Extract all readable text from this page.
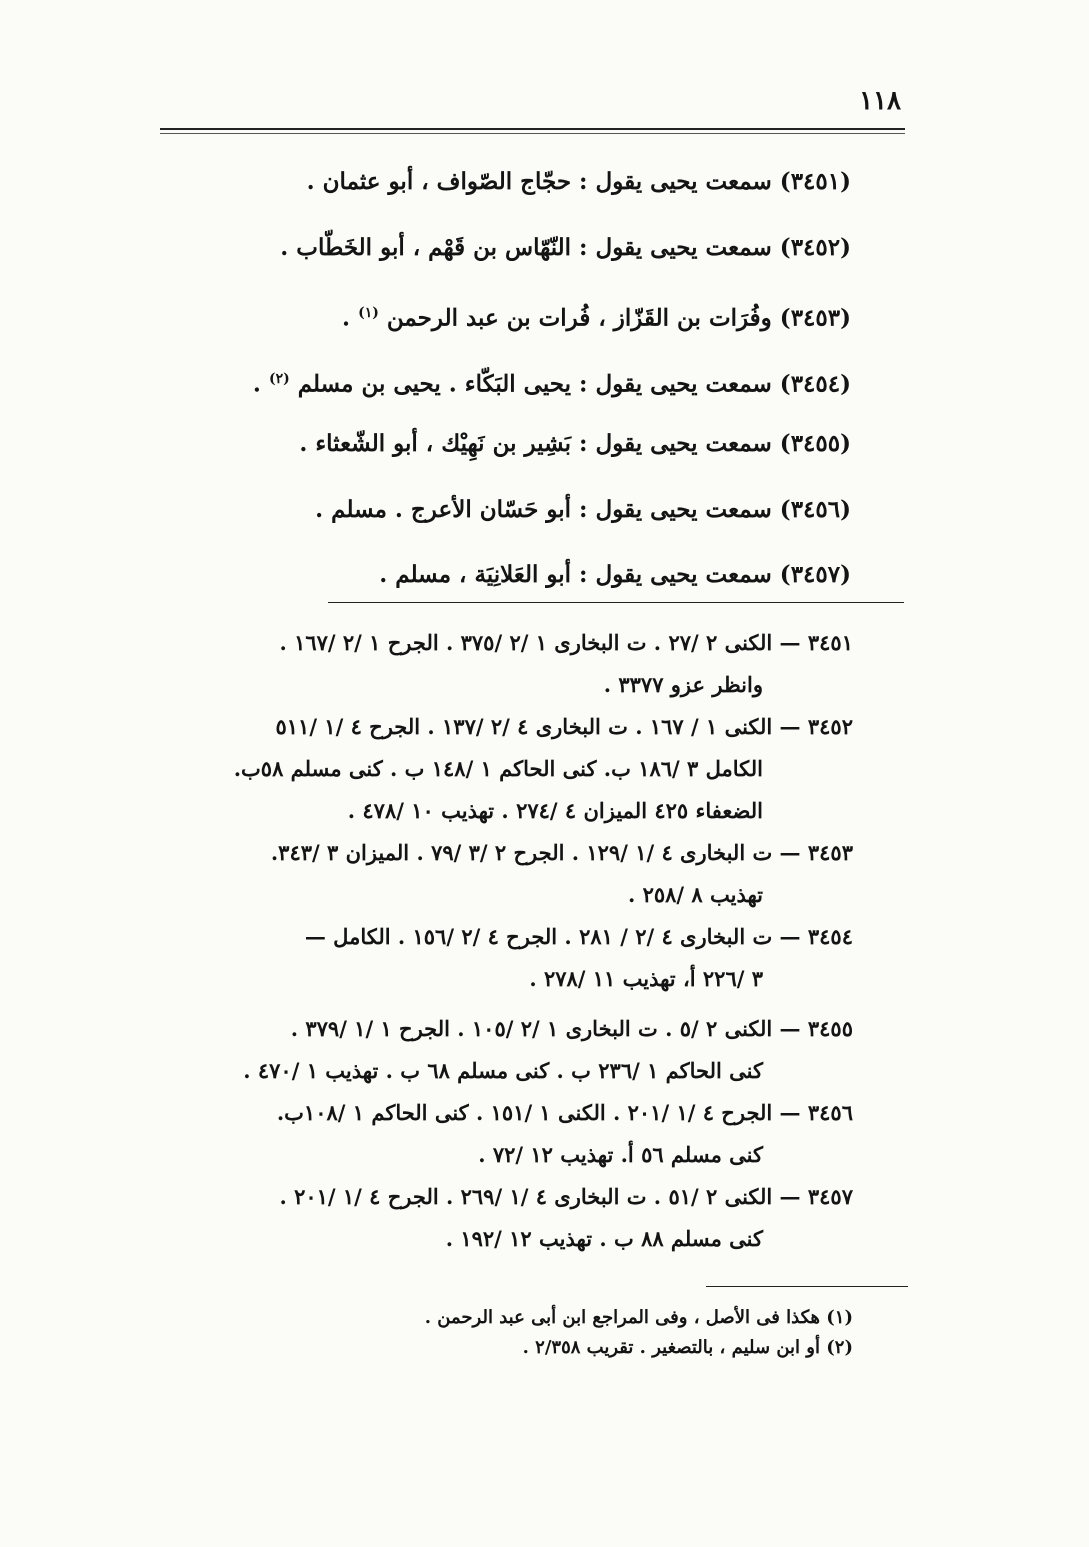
١١٨
(٣٤٥١) سمعت يحيى يقول : حجّاج الصّواف ، أبو عثمان .
(٣٤٥٢) سمعت يحيى يقول : النّهّاس بن قَهْم ، أبو الخَطّاب .
(٣٤٥٣) وفُرَات بن القَزّاز ، فُرات بن عبد الرحمن $^{(١)}$ .
(٣٤٥٤) سمعت يحيى يقول : يحيى البَكّاء . يحيى بن مسلم $^{(٢)}$ .
(٣٤٥٥) سمعت يحيى يقول : بَشِير بن نَهِيْك ، أبو الشّعثاء .
(٣٤٥٦) سمعت يحيى يقول : أبو حَسّان الأعرج . مسلم .
(٣٤٥٧) سمعت يحيى يقول : أبو العَلانِيَة ، مسلم .
٣٤٥١ — الكنى ٢ /٢٧ . ت البخارى ١ /٢ /٣٧٥ . الجرح ١ /٢ /١٦٧ .
وانظر عزو ٣٣٧٧ .
٣٤٥٢ — الكنى ١ / ١٦٧ . ت البخارى ٤ /٢ /١٣٧ . الجرح ٤ /١ /٥١١
الكامل ٣ /١٨٦ ب. كنى الحاكم ١ /١٤٨ ب . كنى مسلم ٥٨ب.
الضعفاء ٤٢٥ الميزان ٤ /٢٧٤ . تهذيب ١٠ /٤٧٨ .
٣٤٥٣ — ت البخارى ٤ /١ /١٢٩ . الجرح ٢ /٣ /٧٩ . الميزان ٣ /٣٤٣.
تهذيب ٨ /٢٥٨ .
٣٤٥٤ — ت البخارى ٤ /٢ / ٢٨١ . الجرح ٤ /٢ /١٥٦ . الكامل —
٣ /٢٢٦ أ، تهذيب ١١ /٢٧٨ .
٣٤٥٥ — الكنى ٢ /٥ . ت البخارى ١ /٢ /١٠٥ . الجرح ١ /١ /٣٧٩ .
كنى الحاكم ١ /٢٣٦ ب . كنى مسلم ٦٨ ب . تهذيب ١ /٤٧٠ .
٣٤٥٦ — الجرح ٤ /١ /٢٠١ . الكنى ١ /١٥١ . كنى الحاكم ١ /١٠٨ب.
كنى مسلم ٥٦ أ. تهذيب ١٢ /٧٢ .
٣٤٥٧ — الكنى ٢ /٥١ . ت البخارى ٤ /١ /٢٦٩ . الجرح ٤ /١ /٢٠١ .
كنى مسلم ٨٨ ب . تهذيب ١٢ /١٩٢ .
(١) هكذا فى الأصل ، وفى المراجع ابن أبى عبد الرحمن .
(٢) أو ابن سليم ، بالتصغير . تقريب ٢/٣٥٨ .
